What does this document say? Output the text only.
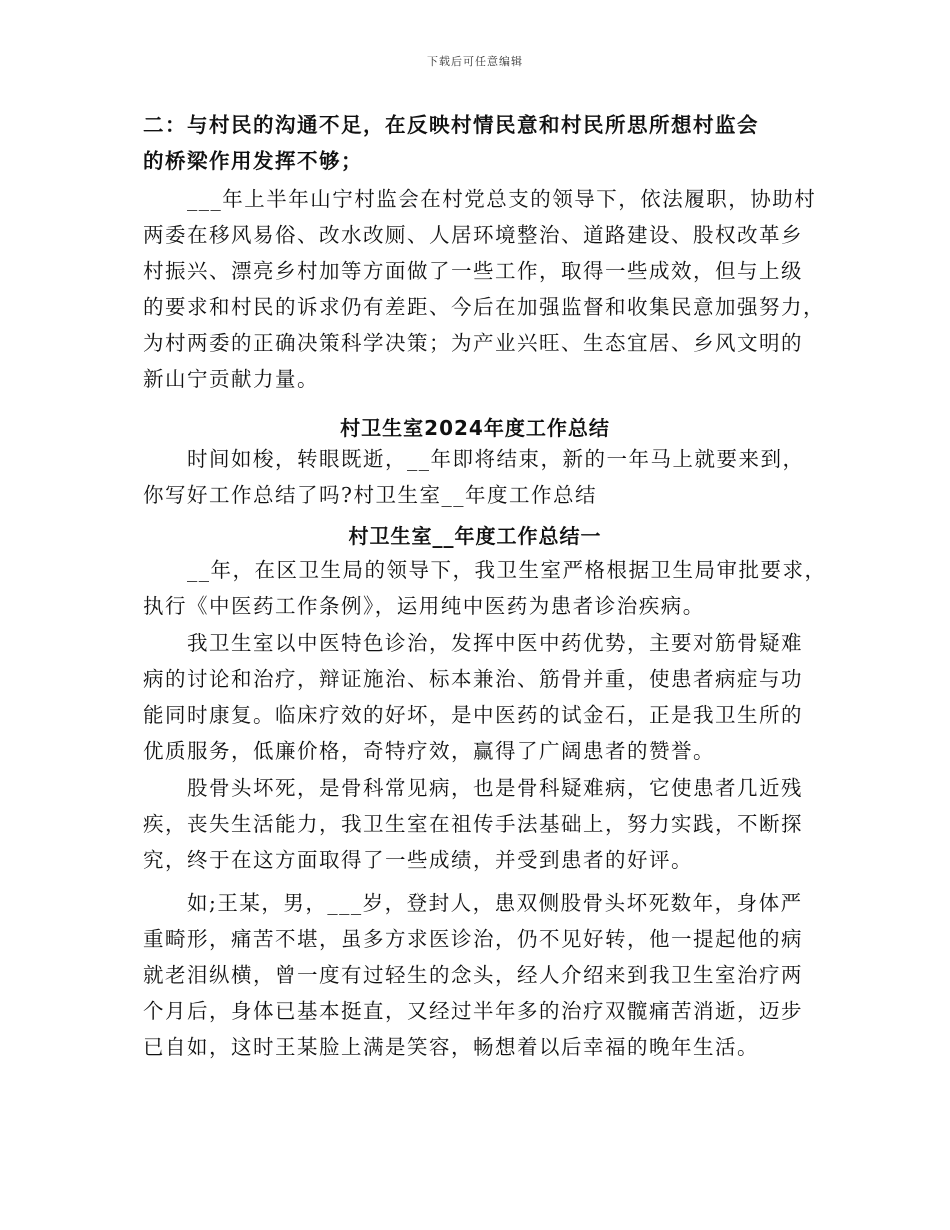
下载后可任意编辑
二：与村民的沟通不足，在反映村情民意和村民所思所想村监会
的桥梁作用发挥不够；
___年上半年山宁村监会在村党总支的领导下，依法履职，协助村
两委在移风易俗、改水改厕、人居环境整治、道路建设、股权改革乡
村振兴、漂亮乡村加等方面做了一些工作，取得一些成效，但与上级
的要求和村民的诉求仍有差距、今后在加强监督和收集民意加强努力，
为村两委的正确决策科学决策；为产业兴旺、生态宜居、乡风文明的
新山宁贡献力量。
村卫生室2024年度工作总结
时间如梭，转眼既逝，__年即将结束，新的一年马上就要来到，
你写好工作总结了吗?村卫生室__年度工作总结
村卫生室__年度工作总结一
__年，在区卫生局的领导下，我卫生室严格根据卫生局审批要求，
执行《中医药工作条例》，运用纯中医药为患者诊治疾病。
我卫生室以中医特色诊治，发挥中医中药优势，主要对筋骨疑难
病的讨论和治疗，辩证施治、标本兼治、筋骨并重，使患者病症与功
能同时康复。临床疗效的好坏，是中医药的试金石，正是我卫生所的
优质服务，低廉价格，奇特疗效，赢得了广阔患者的赞誉。
股骨头坏死，是骨科常见病，也是骨科疑难病，它使患者几近残
疾，丧失生活能力，我卫生室在祖传手法基础上，努力实践，不断探
究，终于在这方面取得了一些成绩，并受到患者的好评。
如;王某，男，___岁，登封人，患双侧股骨头坏死数年，身体严
重畸形，痛苦不堪，虽多方求医诊治，仍不见好转，他一提起他的病
就老泪纵横，曾一度有过轻生的念头，经人介绍来到我卫生室治疗两
个月后，身体已基本挺直，又经过半年多的治疗双髋痛苦消逝，迈步
已自如，这时王某脸上满是笑容，畅想着以后幸福的晚年生活。
